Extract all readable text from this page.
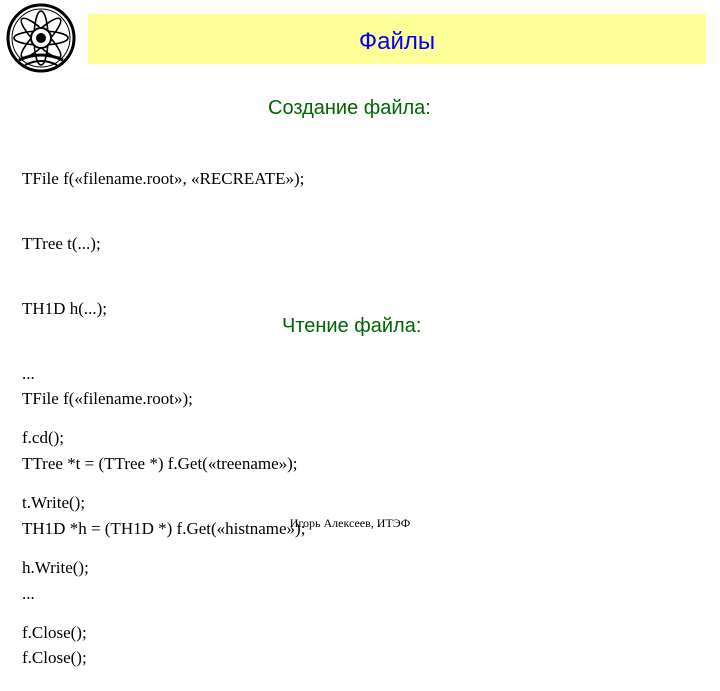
Файлы
Создание файла:

TFile f(«filename.root», «RECREATE»);

TTree t(...);

TH1D h(...);

...

f.cd();

t.Write();

h.Write();

f.Close();

Чтение файла:

TFile f(«filename.root»);

TTree *t = (TTree *) f.Get(«treename»);

TH1D *h = (TH1D *) f.Get(«histname»);

...

f.Close();

Игорь Алексеев, ИТЭФ
